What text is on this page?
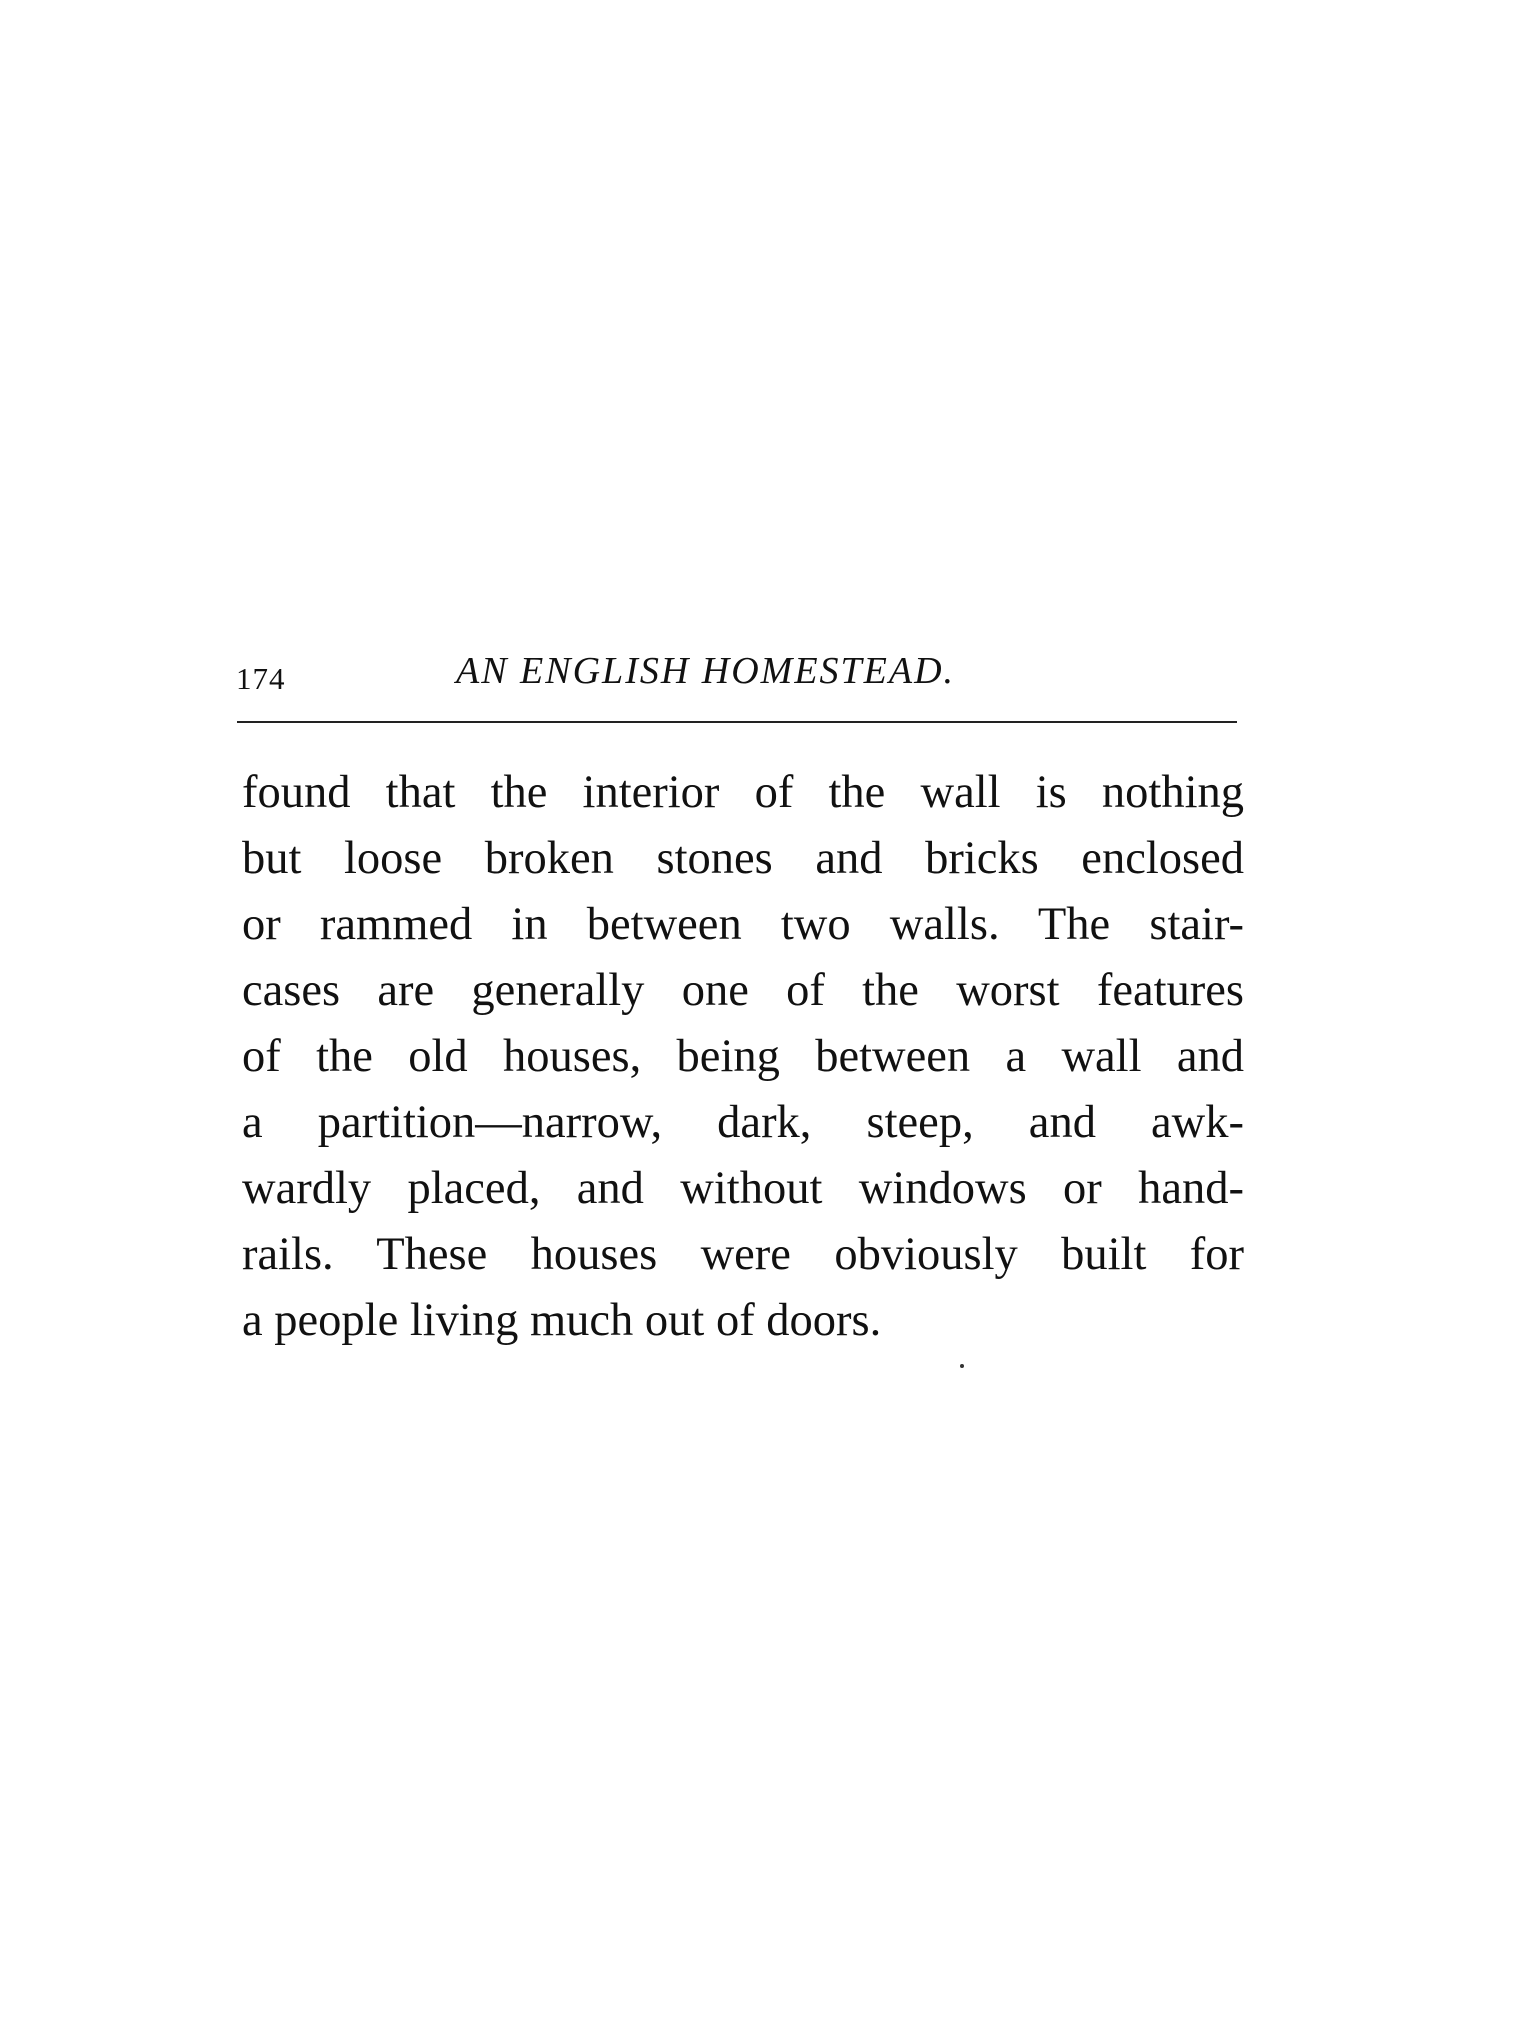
174	AN ENGLISH HOMESTEAD.
found that the interior of the wall is nothing
but loose broken stones and bricks enclosed
or rammed in between two walls. The stair-
cases are generally one of the worst features
of the old houses, being between a wall and
a partition—narrow, dark, steep, and awk-
wardly placed, and without windows or hand-
rails. These houses were obviously built for
a people living much out of doors.
